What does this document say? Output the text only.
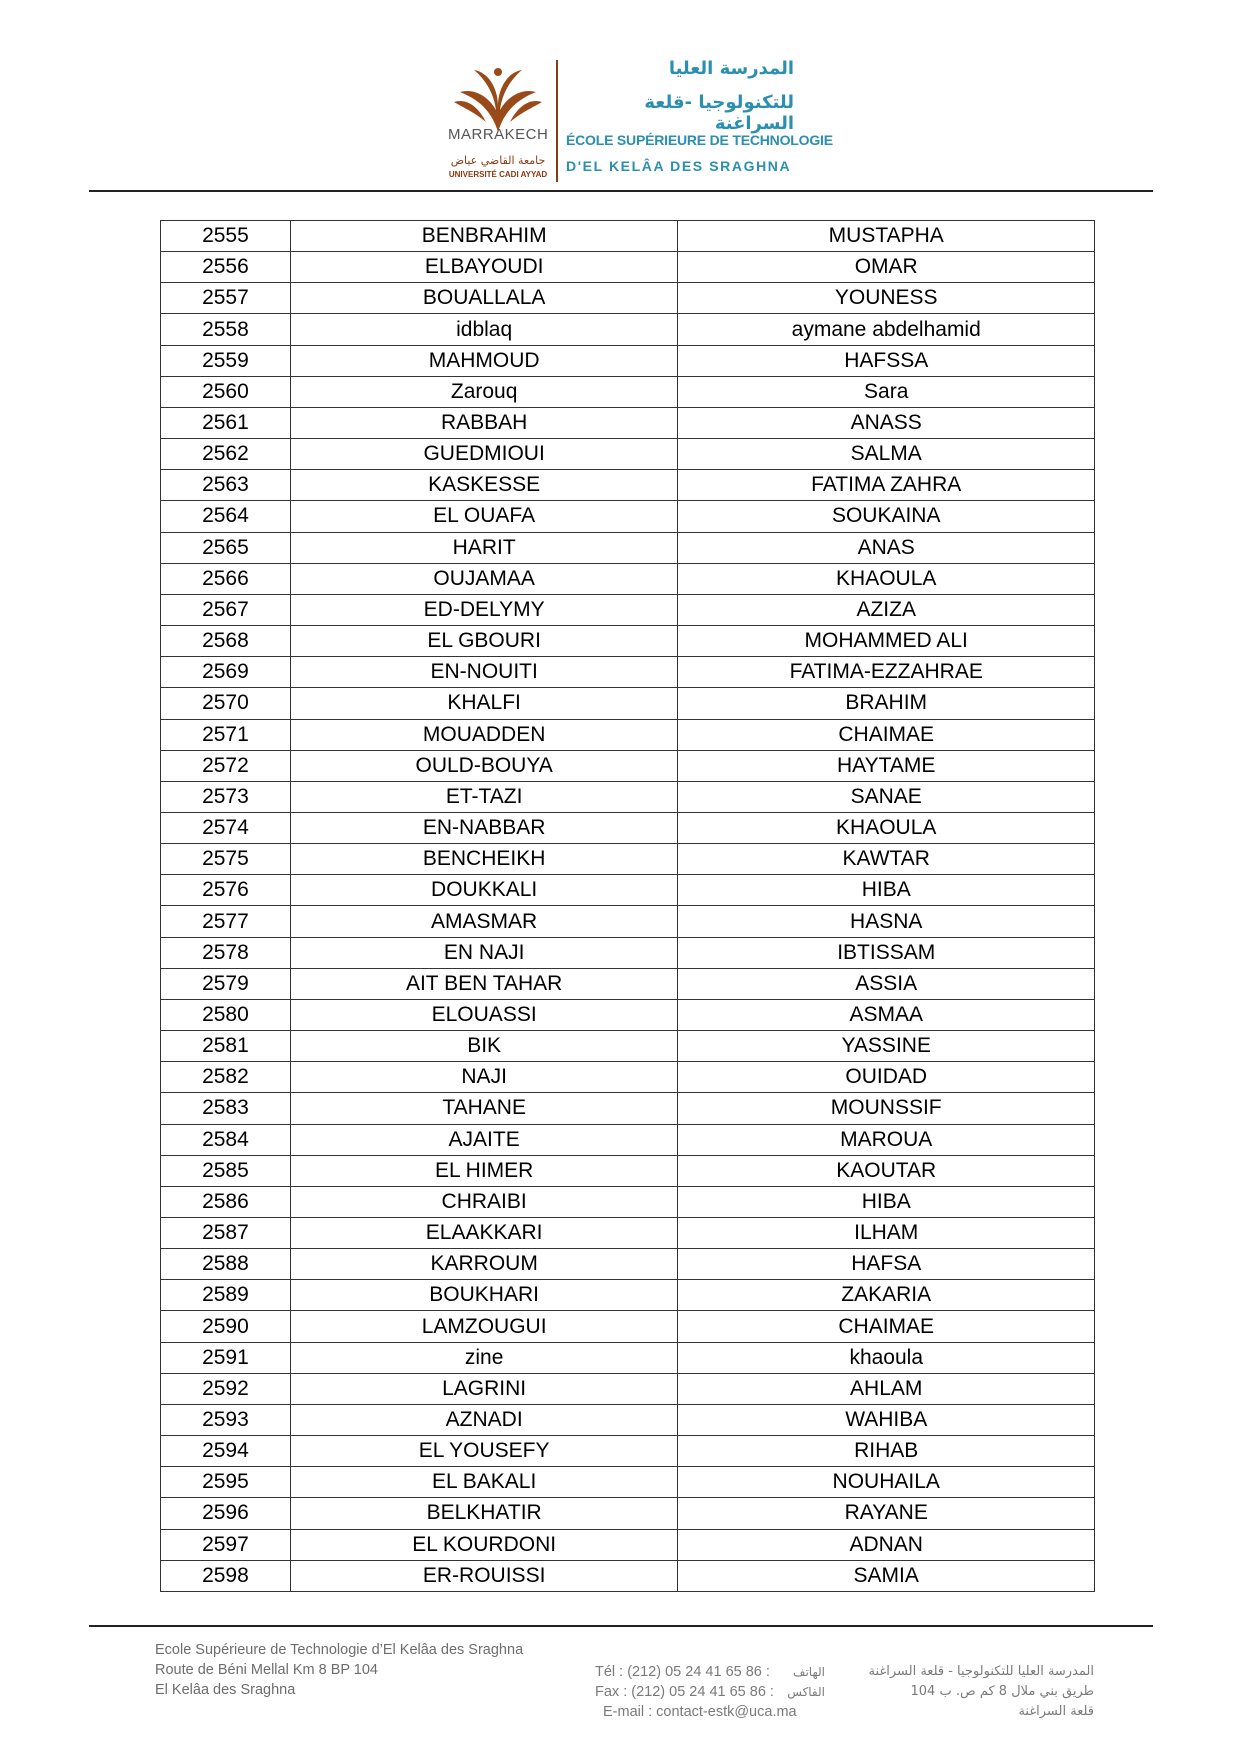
MARRAKECH
جامعة القاضي عياض
UNIVERSITÉ CADI AYYAD
المدرسة العليا
للتكنولوجيا -قلعة السراغنة
ÉCOLE SUPÉRIEURE DE TECHNOLOGIE
D'EL KELÂA DES SRAGHNA
2555	BENBRAHIM	MUSTAPHA
2556	ELBAYOUDI	OMAR
2557	BOUALLALA	YOUNESS
2558	idblaq	aymane abdelhamid
2559	MAHMOUD	HAFSSA
2560	Zarouq	Sara
2561	RABBAH	ANASS
2562	GUEDMIOUI	SALMA
2563	KASKESSE	FATIMA ZAHRA
2564	EL OUAFA	SOUKAINA
2565	HARIT	ANAS
2566	OUJAMAA	KHAOULA
2567	ED-DELYMY	AZIZA
2568	EL GBOURI	MOHAMMED ALI
2569	EN-NOUITI	FATIMA-EZZAHRAE
2570	KHALFI	BRAHIM
2571	MOUADDEN	CHAIMAE
2572	OULD-BOUYA	HAYTAME
2573	ET-TAZI	SANAE
2574	EN-NABBAR	KHAOULA
2575	BENCHEIKH	KAWTAR
2576	DOUKKALI	HIBA
2577	AMASMAR	HASNA
2578	EN NAJI	IBTISSAM
2579	AIT BEN TAHAR	ASSIA
2580	ELOUASSI	ASMAA
2581	BIK	YASSINE
2582	NAJI	OUIDAD
2583	TAHANE	MOUNSSIF
2584	AJAITE	MAROUA
2585	EL HIMER	KAOUTAR
2586	CHRAIBI	HIBA
2587	ELAAKKARI	ILHAM
2588	KARROUM	HAFSA
2589	BOUKHARI	ZAKARIA
2590	LAMZOUGUI	CHAIMAE
2591	zine	khaoula
2592	LAGRINI	AHLAM
2593	AZNADI	WAHIBA
2594	EL YOUSEFY	RIHAB
2595	EL BAKALI	NOUHAILA
2596	BELKHATIR	RAYANE
2597	EL KOURDONI	ADNAN
2598	ER-ROUISSI	SAMIA
Ecole Supérieure de Technologie d’El Kelâa des Sraghna
Route de Béni Mellal Km 8 BP 104
El Kelâa des Sraghna
Tél : (212) 05 24 41 65 86 : الهاتف
Fax : (212) 05 24 41 65 86 : الفاكس
E-mail : contact-estk@uca.ma
المدرسة العليا للتكنولوجيا - قلعة السراغنة
طريق بني ملال 8 كم ص. ب 104
قلعة السراغنة
